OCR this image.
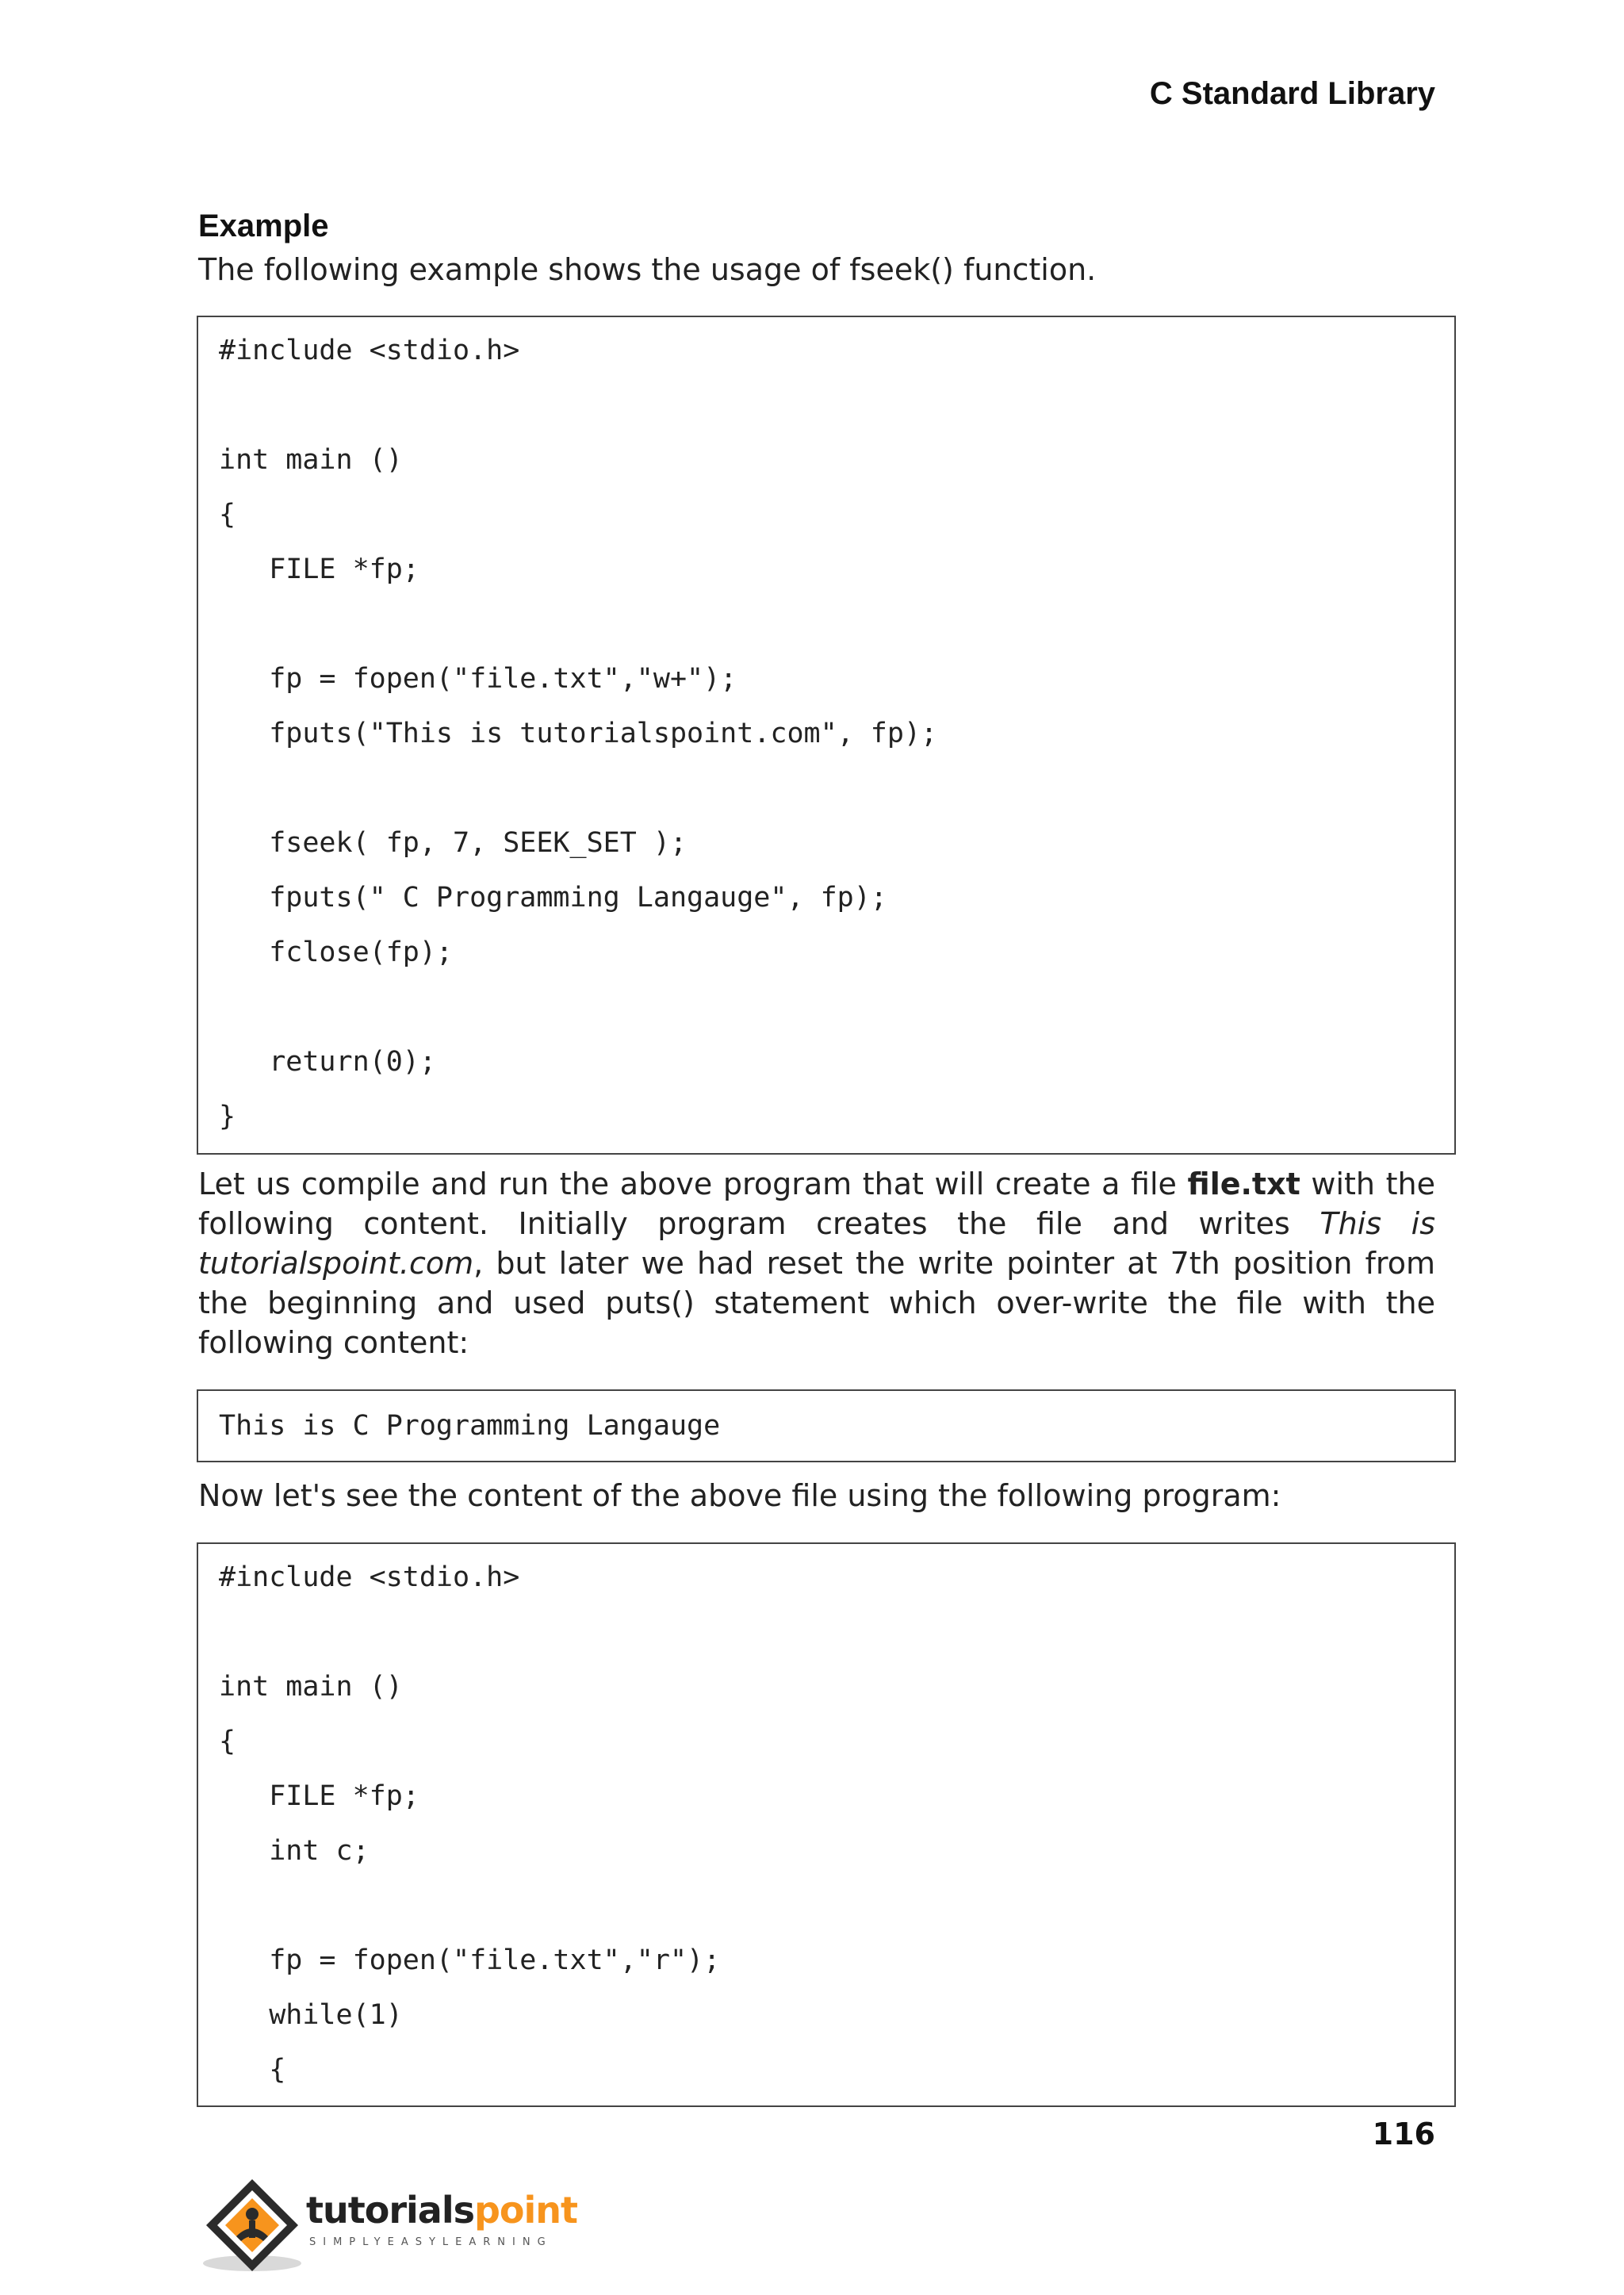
C Standard Library
Example
The following example shows the usage of fseek() function.
#include <stdio.h>
int main ()
{
FILE *fp;
fp = fopen("file.txt","w+");
fputs("This is tutorialspoint.com", fp);
fseek( fp, 7, SEEK_SET );
fputs(" C Programming Langauge", fp);
fclose(fp);
return(0);
}
Let us compile and run the above program that will create a file file.txt with the following content. Initially program creates the file and writes This is tutorialspoint.com, but later we had reset the write pointer at 7th position from the beginning and used puts() statement which over-write the file with the following content:
This is C Programming Langauge
Now let's see the content of the above file using the following program:
#include <stdio.h>
int main ()
{
FILE *fp;
int c;
fp = fopen("file.txt","r");
while(1)
{
116
tutorialspoint
SIMPLYEASYLEARNING
